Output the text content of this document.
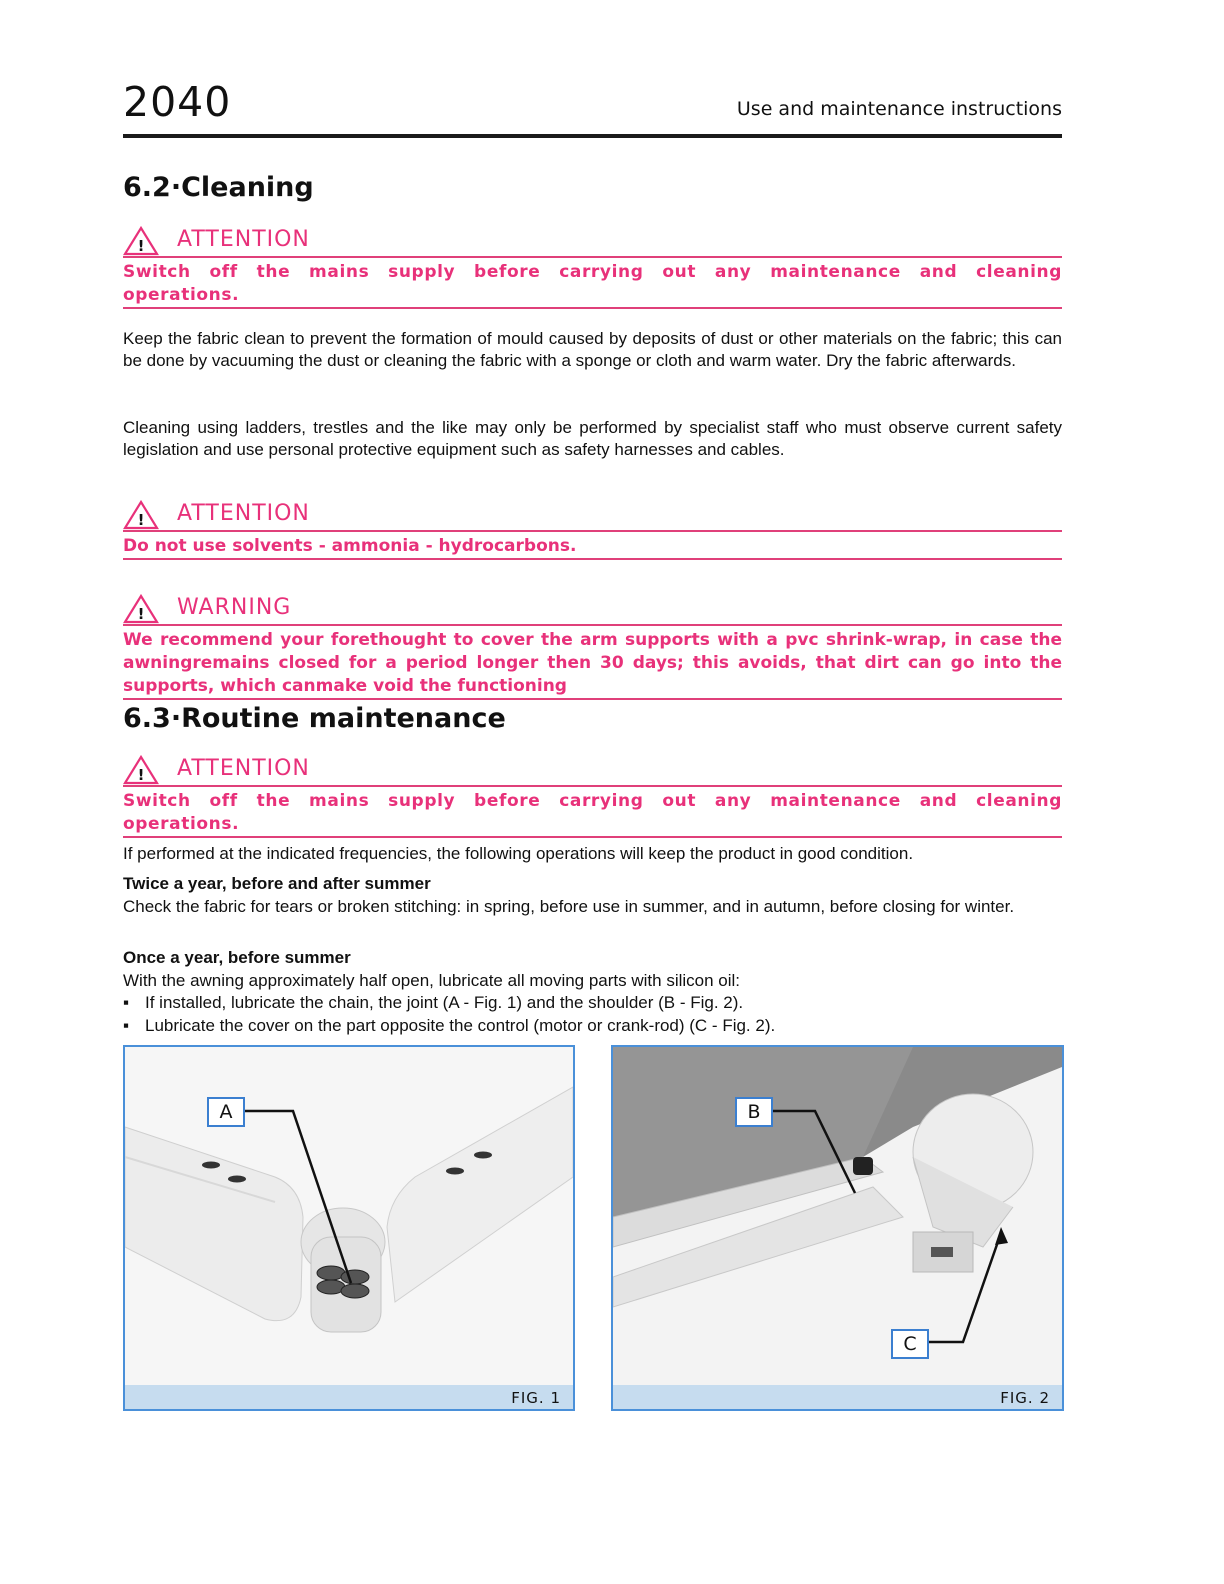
2040	Use and maintenance instructions
6.2·Cleaning
! ATTENTION
Switch off the mains supply before carrying out any maintenance and cleaning operations.
Keep the fabric clean to prevent the formation of mould caused by deposits of dust or other materials on the fabric; this can be done by vacuuming the dust or cleaning the fabric with a sponge or cloth and warm water. Dry the fabric afterwards.
Cleaning using ladders, trestles and the like may only be performed by specialist staff who must observe current safety legislation and use personal protective equipment such as safety harnesses and cables.
! ATTENTION
Do not use solvents - ammonia - hydrocarbons.
! WARNING
We recommend your forethought to cover the arm supports with a pvc shrink-wrap, in case the awningremains closed for a period longer then 30 days; this avoids, that dirt can go into the supports, which canmake void the functioning
6.3·Routine maintenance
! ATTENTION
Switch off the mains supply before carrying out any maintenance and cleaning operations.
If performed at the indicated frequencies, the following operations will keep the product in good condition.
Twice a year, before and after summer
Check the fabric for tears or broken stitching: in spring, before use in summer, and in autumn, before closing for winter.
Once a year, before summer
With the awning approximately half open, lubricate all moving parts with silicon oil:
▪ If installed, lubricate the chain, the joint (A - Fig. 1) and the shoulder (B - Fig. 2).
▪ Lubricate the cover on the part opposite the control (motor or crank-rod) (C - Fig. 2).
A
FIG. 1
B
C
FIG. 2
